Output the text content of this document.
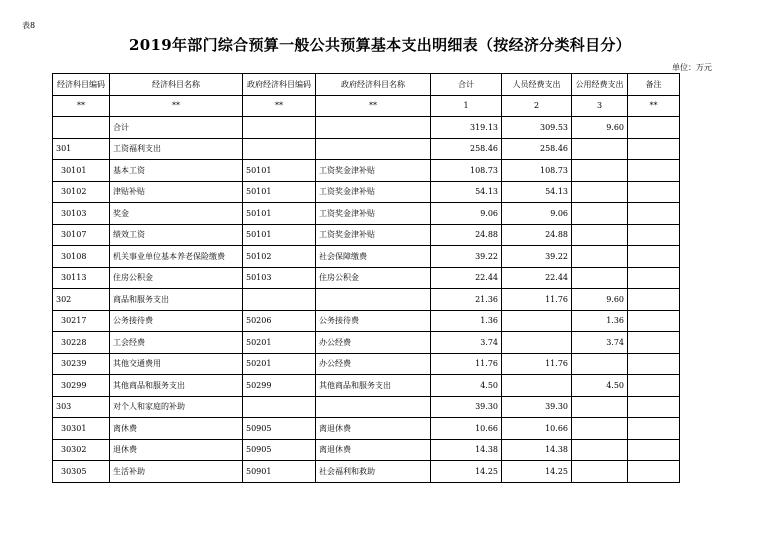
表8
2019年部门综合预算一般公共预算基本支出明细表（按经济分类科目分）
单位：万元
经济科目编码	经济科目名称	政府经济科目编码	政府经济科目名称	合计	人员经费支出	公用经费支出	备注
**	**	**	**	1	2	3	**
	合计			319.13	309.53	9.60	
301	工资福利支出			258.46	258.46		
30101	基本工资	50101	工资奖金津补贴	108.73	108.73		
30102	津贴补贴	50101	工资奖金津补贴	54.13	54.13		
30103	奖金	50101	工资奖金津补贴	9.06	9.06		
30107	绩效工资	50101	工资奖金津补贴	24.88	24.88		
30108	机关事业单位基本养老保险缴费	50102	社会保障缴费	39.22	39.22		
30113	住房公积金	50103	住房公积金	22.44	22.44		
302	商品和服务支出			21.36	11.76	9.60	
30217	公务接待费	50206	公务接待费	1.36		1.36	
30228	工会经费	50201	办公经费	3.74		3.74	
30239	其他交通费用	50201	办公经费	11.76	11.76		
30299	其他商品和服务支出	50299	其他商品和服务支出	4.50		4.50	
303	对个人和家庭的补助			39.30	39.30		
30301	离休费	50905	离退休费	10.66	10.66		
30302	退休费	50905	离退休费	14.38	14.38		
30305	生活补助	50901	社会福利和救助	14.25	14.25		
